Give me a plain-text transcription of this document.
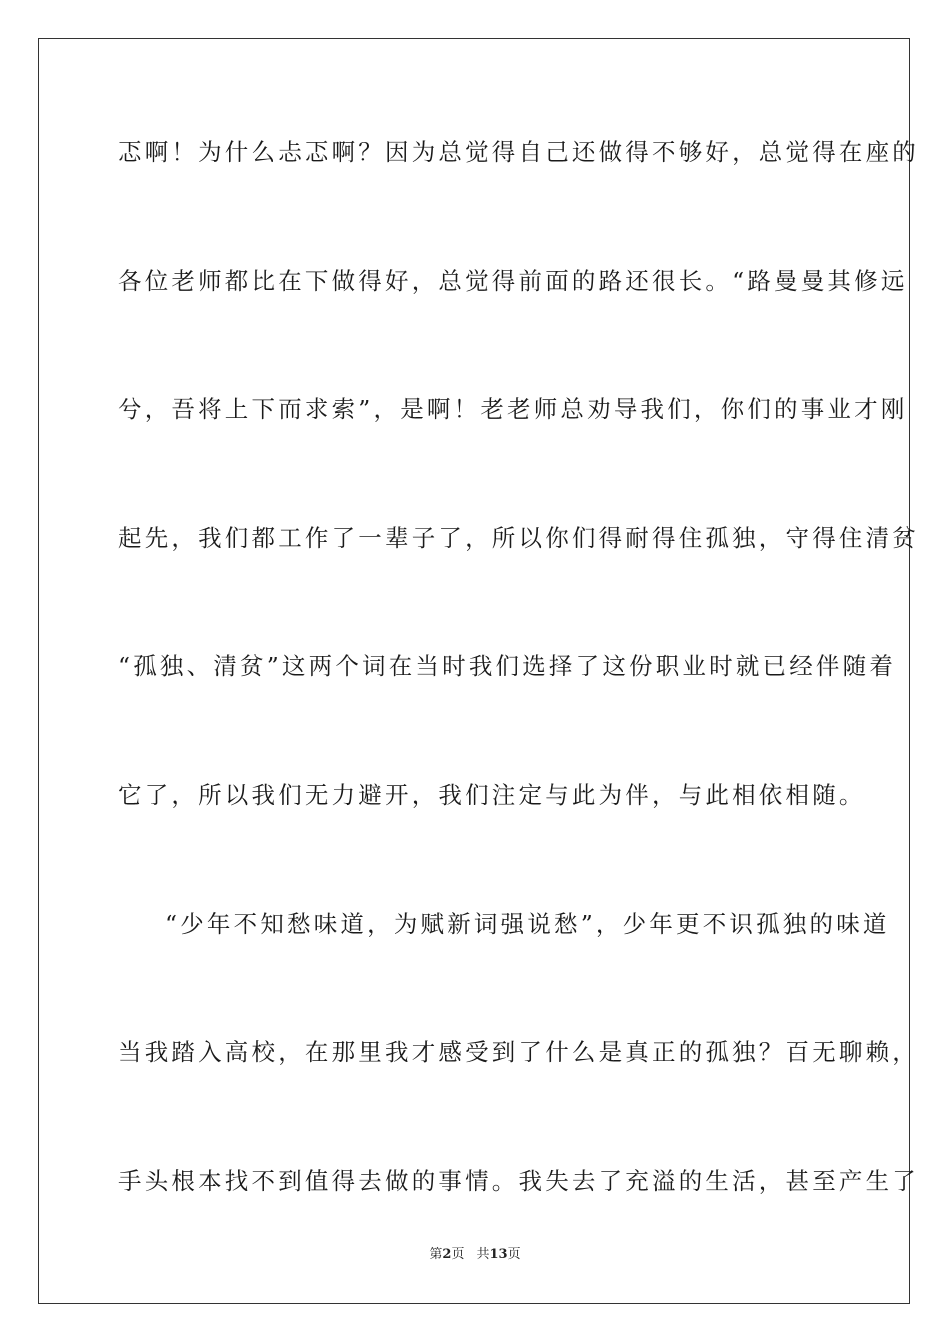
忑啊！为什么忐忑啊？因为总觉得自己还做得不够好，总觉得在座的
各位老师都比在下做得好，总觉得前面的路还很长。“路曼曼其修远
兮，吾将上下而求索”，是啊！老老师总劝导我们，你们的事业才刚
起先，我们都工作了一辈子了，所以你们得耐得住孤独，守得住清贫
“孤独、清贫”这两个词在当时我们选择了这份职业时就已经伴随着
它了，所以我们无力避开，我们注定与此为伴，与此相依相随。
“少年不知愁味道，为赋新词强说愁”，少年更不识孤独的味道
当我踏入高校，在那里我才感受到了什么是真正的孤独？百无聊赖，
手头根本找不到值得去做的事情。我失去了充溢的生活，甚至产生了
第2页 共13页
